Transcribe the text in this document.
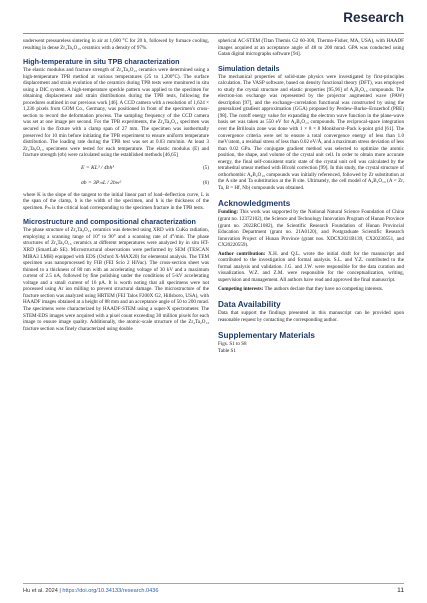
Research

underwent pressureless sintering in air at 1,600 °C for 20 h, followed by furnace cooling, resulting in dense Zr₄Ta₂O₁₃ ceramics with a density of 97%.

High-temperature in situ TPB characterization

The elastic modulus and fracture strength of Zr₄Ta₂O₁₃ ceramics were determined using a high-temperature TPB method at various temperatures (25 to 1,200°C). The surface displacement and strain evolution of the ceramics during TPB tests were monitored in situ using a DIC system. A high-temperature speckle pattern was applied to the specimen for obtaining displacement and strain distributions during the TPB tests, following the procedures outlined in our previous work [46]. A CCD camera with a resolution of 1,624 × 1,236 pixels from GOM Co., Germany, was positioned in front of the specimen's cross-section to record the deformation process. The sampling frequency of the CCD camera was set at one image per second. For the TPB experiments, the Zr₄Ta₂O₁₃ specimen was secured in the fixture with a clamp span of 27 mm. The specimen was isothermally preserved for 10 min before initiating the TPB experiment to ensure uniform temperature distribution. The loading rate during the TPB test was set at 0.03 mm/min. At least 3 Zr₄Ta₂O₁₃ specimens were tested for each temperature. The elastic modulus (E) and fracture strength (σb) were calculated using the established methods [46,65]

E = KL³ / 4bh³	(5)
σb = 3PₘL / 2bw²	(6)

where K is the slope of the tangent to the initial linear part of load–deflection curve, L is the span of the clamp, b is the width of the specimen, and h is the thickness of the specimen. Pₘ is the critical load corresponding to the specimen fracture in the TPB tests.

Microstructure and compositional characterization

The phase structure of Zr₄Ta₂O₁₃ ceramics was detected using XRD with CuKα radiation, employing a scanning range of 10° to 90° and a scanning rate of 4°/min. The phase structures of Zr₄Ta₂O₁₃ ceramics at different temperatures were analyzed by in situ HT-XRD (SmartLab SE). Microstructural observations were performed by SEM (TESCAN MIRA3 LMH) equipped with EDS (Oxford X-MAX20) for elemental analysis. The TEM specimen was nanoprocessed by FIB (FEI Scio 2 HiVac). The cross-section sheet was thinned to a thickness of 80 nm with an accelerating voltage of 30 kV and a maximum current of 2.5 nA, followed by fine polishing under the conditions of 5-kV accelerating voltage and a small current of 16 pA. It is worth noting that all specimens were not processed using Ar ion milling to prevent structural damage. The microstructure of the fracture section was analyzed using HRTEM (FEI Talos F200X G2, Hillsboro, USA), with HAADF images obtained at a height of 88 mm and an acceptance angle of 50 to 200 mrad. The specimens were characterized by HAADF-STEM using a super-X spectrometer. The STEM-EDS images were acquired with a pixel count exceeding 30 million pixels for each image to ensure image quality. Additionally, the atomic-scale structure of the Zr₄Ta₂O₁₃ fracture section was finely characterized using double

spherical AC-STEM (Titan Themis G2 60-300, Thermo-Fisher, MA, USA), with HAADF images acquired at an acceptance angle of 48 to 200 mrad. GPA was conducted using Gatan digital micrographs software [94].

Simulation details

The mechanical properties of solid-state physics were investigated by first-principles calculation. The VASP software, based on density functional theory (DFT), was employed to study the crystal structure and elastic properties [95,96] of A₄B₂O₁₃ compounds. The electron-ion exchange was represented by the projector augmented wave (PAW) description [97], and the exchange–correlation functional was constructed by using the generalized gradient approximation (GGA) proposed by Perdew–Burke–Ernzerhof (PBE) [98]. The cutoff energy value for expanding the electron wave function in the plane-wave basis set was taken as 550 eV for A₄B₂O₁₃ compounds. The reciprocal-space integration over the Brillouin zone was done with 1 × 8 × 8 Monkhorst–Pack k-point grid [61]. The convergence criteria were set to ensure a total convergence energy of less than 1.0 meV/atom, a residual stress of less than 0.02 eV/Å, and a maximum stress deviation of less than 0.02 GPa. The conjugate gradient method was selected to optimize the atomic position, the shape, and volume of the crystal unit cell. In order to obtain more accurate energy, the final self-consistent static state of the crystal unit cell was calculated by the tetrahedral smear method with Blcohl correction [99]. In this study, the crystal structure of orthorhombic A₄B₂O₁₃ compounds was initially referenced, followed by Zr substitution at the A site and Ta substitution at the B site. Ultimately, the cell model of A₄B₂O₁₃ (A = Zr, Ta, B = Hf, Nb) compounds was obtained.

Acknowledgments

Funding: This work was supported by the National Natural Science Foundation of China (grant no. 12372102), the Science and Technology Innovation Program of Hunan Province (grant no. 2022RC1082), the Scientific Research Foundation of Hunan Provincial Education Department (grant no. 21A0120), and Postgraduate Scientific Research Innovation Project of Hunan Province (grant nos. XDCX2021B139, CX20230551, and CX20220559).

Author contribution: X.H. and Q.L. wrote the initial draft for the manuscript and contributed to the investigation and formal analysis. S.L. and Y.Z. contributed to the formal analysis and validation. J.G. and J.W. were responsible for the data curation and visualization. W.Z. and Z.M. were responsible for the conceptualization, writing, supervision and management. All authors have read and approved the final manuscript.

Competing interests: The authors declare that they have no competing interests.

Data Availability

Data that support the findings presented in this manuscript can be provided upon reasonable request by contacting the corresponding author.

Supplementary Materials

Figs. S1 to S8
Table S1

Hu et al. 2024 | https://doi.org/10.34133/research.0436	11
